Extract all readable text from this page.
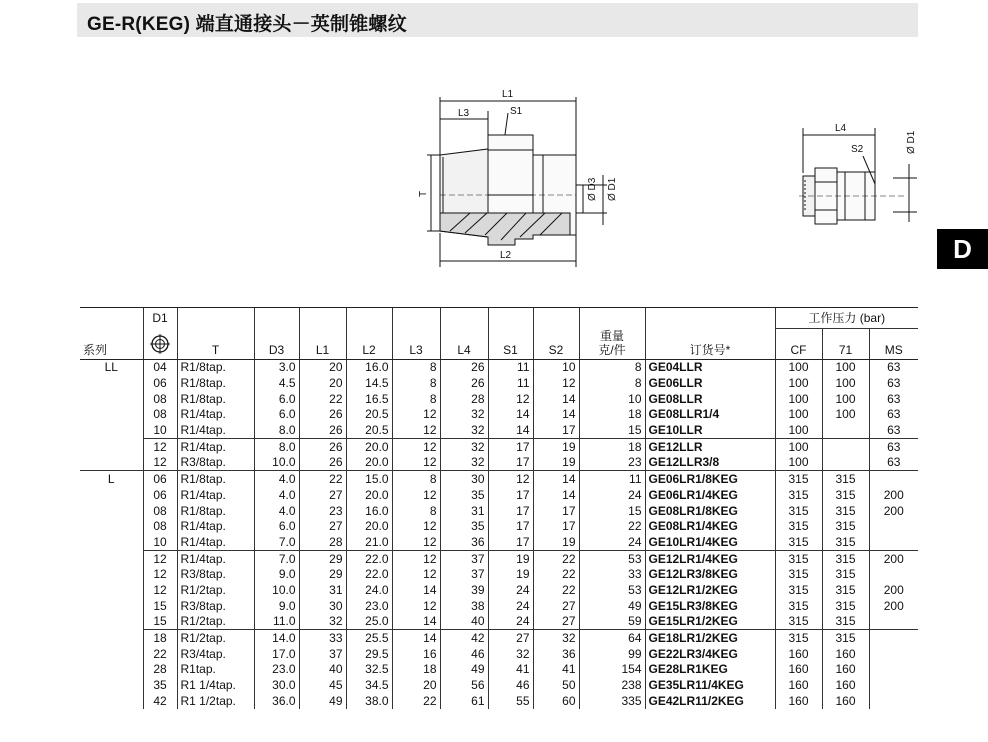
GE-R(KEG) 端直通接头－英制锥螺纹
D
L1
L3	S1
T	Ø D3 Ø D1
L2
L4
S2	Ø D1
	D1											工作压力 (bar)		
系列		T	D3	L1	L2	L3	L4	S1	S2	重量
克/件	订货号*	CF	71	MS
LL	04	R1/8tap.	3.0	20	16.0	8	26	11	10	8	GE04LLR	100	100	63
	06	R1/8tap.	4.5	20	14.5	8	26	11	12	8	GE06LLR	100	100	63
	08	R1/8tap.	6.0	22	16.5	8	28	12	14	10	GE08LLR	100	100	63
	08	R1/4tap.	6.0	26	20.5	12	32	14	14	18	GE08LLR1/4	100	100	63
	10	R1/4tap.	8.0	26	20.5	12	32	14	17	15	GE10LLR	100		63
	12	R1/4tap.	8.0	26	20.0	12	32	17	19	18	GE12LLR	100		63
	12	R3/8tap.	10.0	26	20.0	12	32	17	19	23	GE12LLR3/8	100		63
L	06	R1/8tap.	4.0	22	15.0	8	30	12	14	11	GE06LR1/8KEG	315	315	
	06	R1/4tap.	4.0	27	20.0	12	35	17	14	24	GE06LR1/4KEG	315	315	200
	08	R1/8tap.	4.0	23	16.0	8	31	17	17	15	GE08LR1/8KEG	315	315	200
	08	R1/4tap.	6.0	27	20.0	12	35	17	17	22	GE08LR1/4KEG	315	315	
	10	R1/4tap.	7.0	28	21.0	12	36	17	19	24	GE10LR1/4KEG	315	315	
	12	R1/4tap.	7.0	29	22.0	12	37	19	22	53	GE12LR1/4KEG	315	315	200
	12	R3/8tap.	9.0	29	22.0	12	37	19	22	33	GE12LR3/8KEG	315	315	
	12	R1/2tap.	10.0	31	24.0	14	39	24	22	53	GE12LR1/2KEG	315	315	200
	15	R3/8tap.	9.0	30	23.0	12	38	24	27	49	GE15LR3/8KEG	315	315	200
	15	R1/2tap.	11.0	32	25.0	14	40	24	27	59	GE15LR1/2KEG	315	315	
	18	R1/2tap.	14.0	33	25.5	14	42	27	32	64	GE18LR1/2KEG	315	315	
	22	R3/4tap.	17.0	37	29.5	16	46	32	36	99	GE22LR3/4KEG	160	160	
	28	R1tap.	23.0	40	32.5	18	49	41	41	154	GE28LR1KEG	160	160	
	35	R1 1/4tap.	30.0	45	34.5	20	56	46	50	238	GE35LR11/4KEG	160	160	
	42	R1 1/2tap.	36.0	49	38.0	22	61	55	60	335	GE42LR11/2KEG	160	160	
